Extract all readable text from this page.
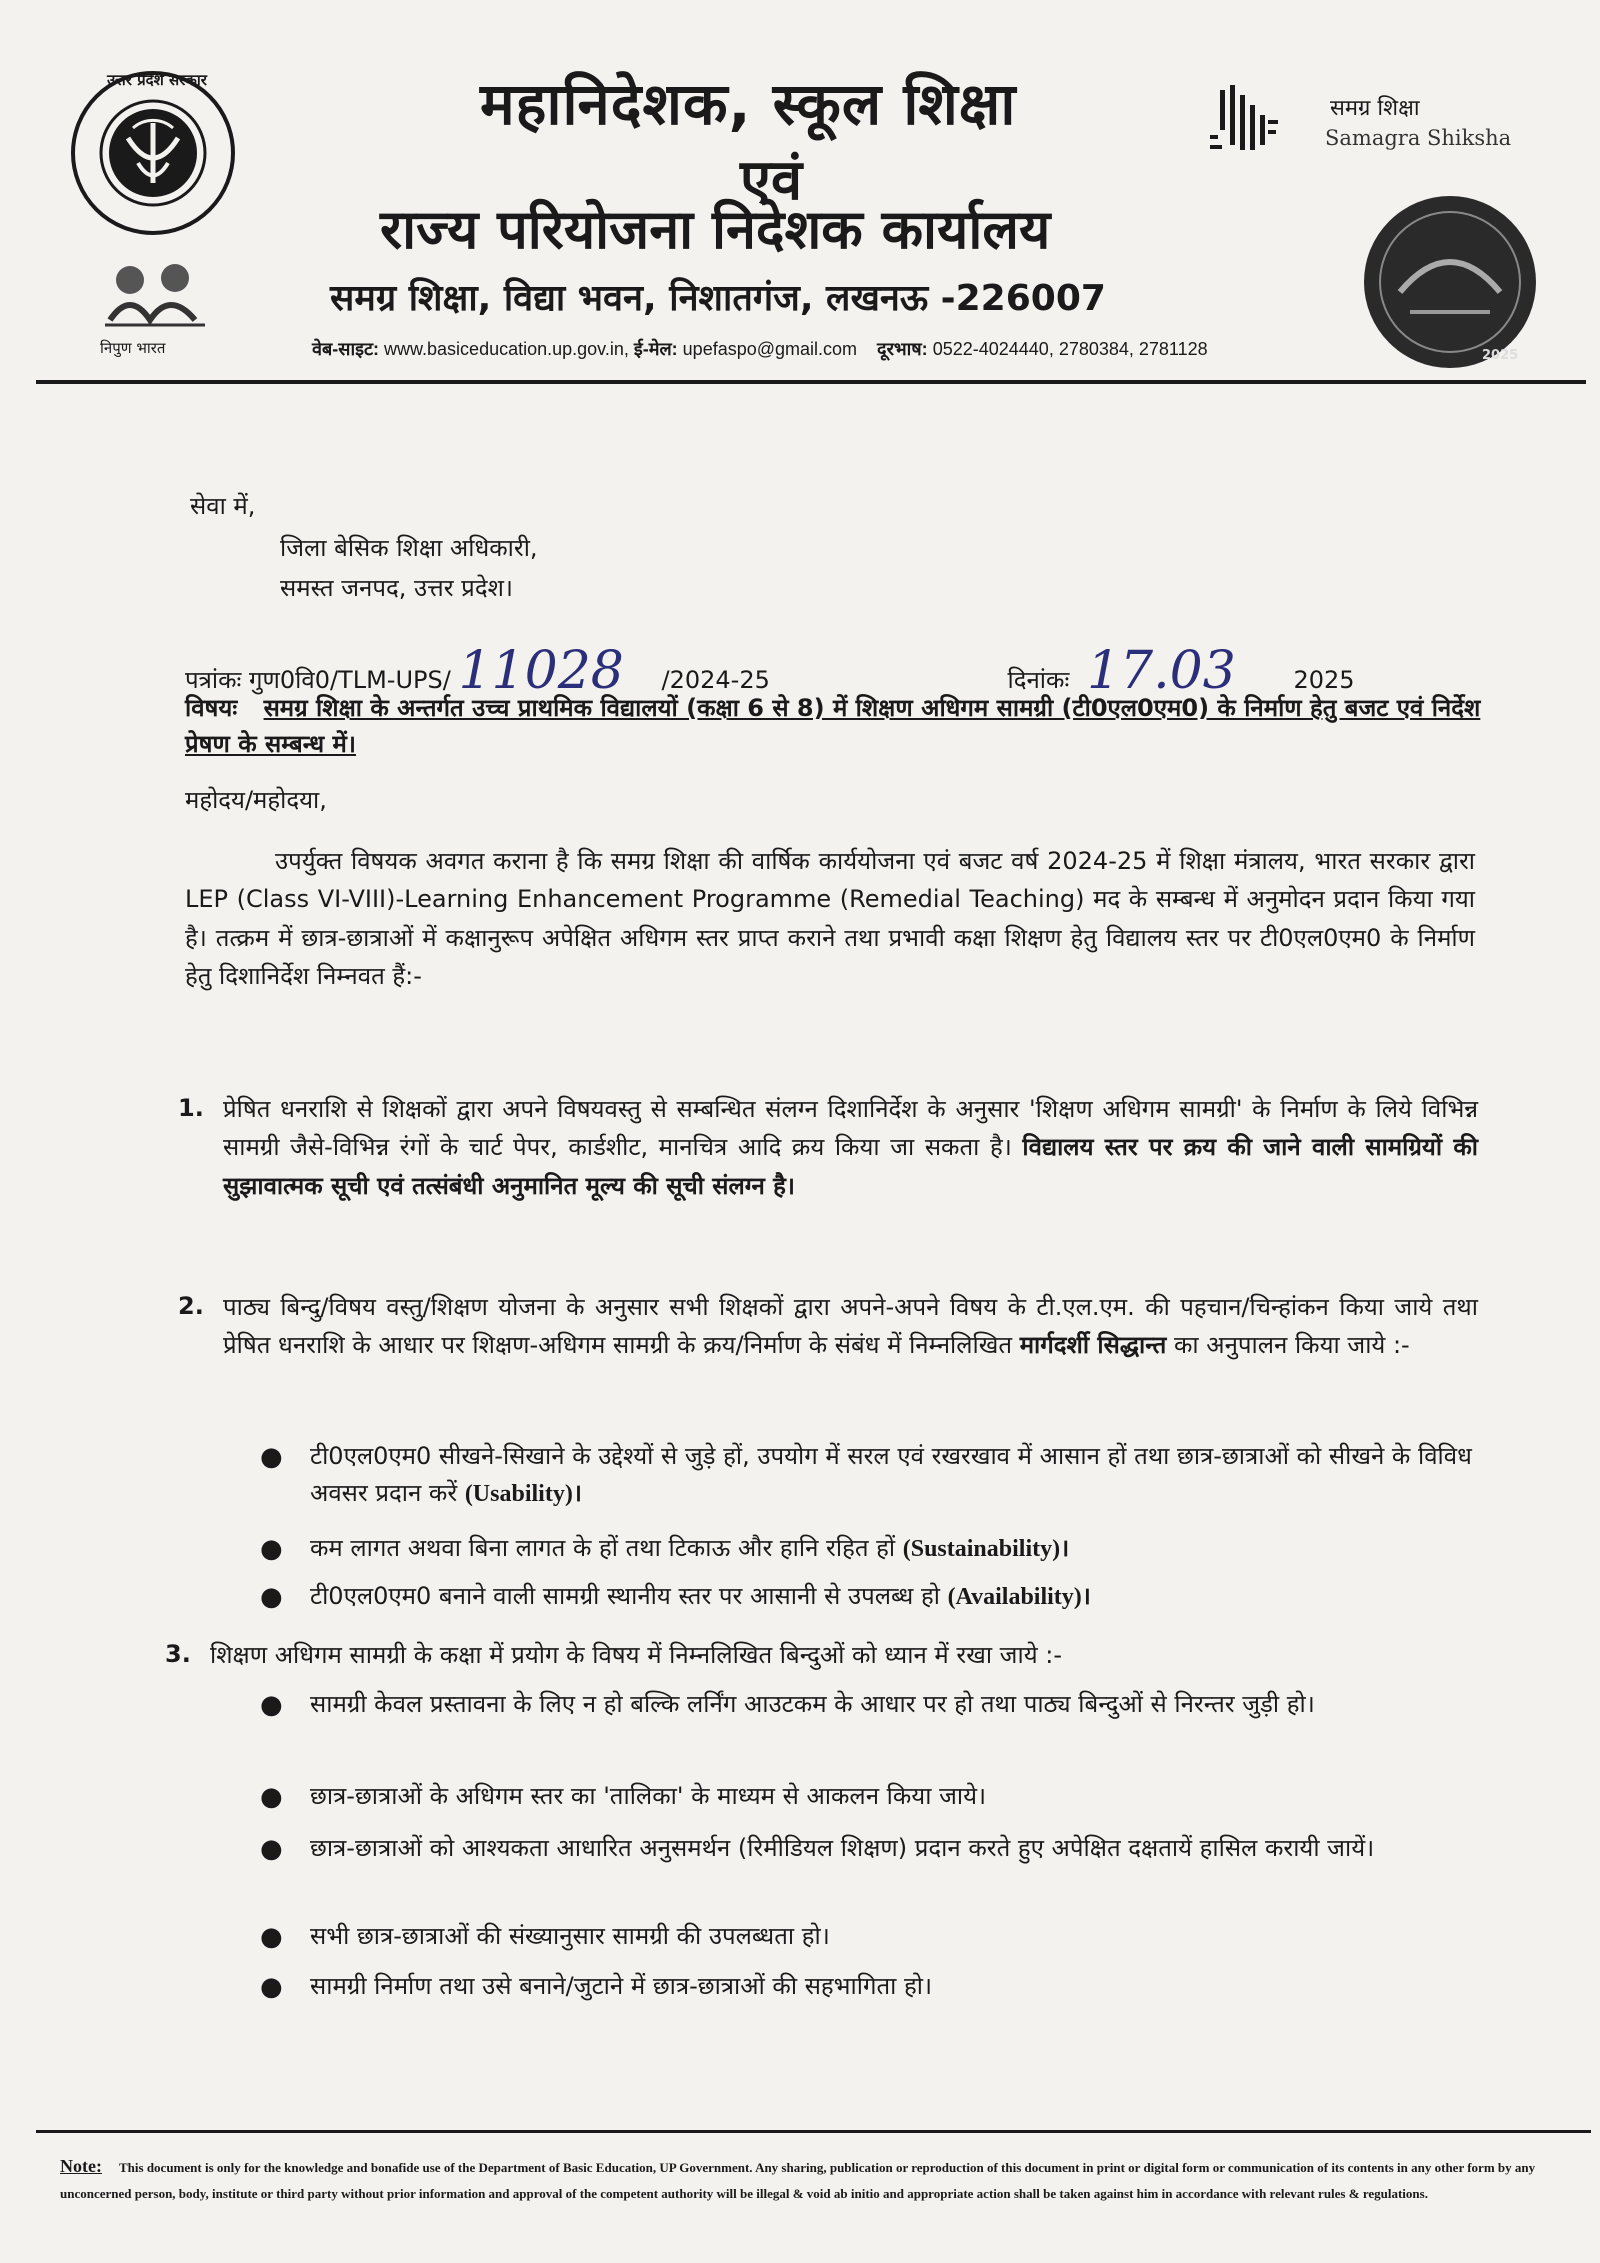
उत्तर प्रदेश सरकार
निपुण भारत
समग्र शिक्षा
Samagra Shiksha
2025
महानिदेशक, स्कूल शिक्षा
एवं
राज्य परियोजना निदेशक कार्यालय
समग्र शिक्षा, विद्या भवन, निशातगंज, लखनऊ -226007
वेब-साइट: www.basiceducation.up.gov.in, ई-मेल: upefaspo@gmail.com दूरभाष: 0522-4024440, 2780384, 2781128
सेवा में,
जिला बेसिक शिक्षा अधिकारी,
समस्त जनपद, उत्तर प्रदेश।
पत्रांकः गुण0वि0/TLM-UPS/ 11028 /2024-25	दिनांकः 17.03 2025
विषयः समग्र शिक्षा के अन्तर्गत उच्च प्राथमिक विद्यालयों (कक्षा 6 से 8) में शिक्षण अधिगम सामग्री (टी0एल0एम0) के निर्माण हेतु बजट एवं निर्देश प्रेषण के सम्बन्ध में।
महोदय/महोदया,
उपर्युक्त विषयक अवगत कराना है कि समग्र शिक्षा की वार्षिक कार्ययोजना एवं बजट वर्ष 2024-25 में शिक्षा मंत्रालय, भारत सरकार द्वारा LEP (Class VI-VIII)-Learning Enhancement Programme (Remedial Teaching) मद के सम्बन्ध में अनुमोदन प्रदान किया गया है। तत्क्रम में छात्र-छात्राओं में कक्षानुरूप अपेक्षित अधिगम स्तर प्राप्त कराने तथा प्रभावी कक्षा शिक्षण हेतु विद्यालय स्तर पर टी0एल0एम0 के निर्माण हेतु दिशानिर्देश निम्नवत हैं:-
1. प्रेषित धनराशि से शिक्षकों द्वारा अपने विषयवस्तु से सम्बन्धित संलग्न दिशानिर्देश के अनुसार 'शिक्षण अधिगम सामग्री' के निर्माण के लिये विभिन्न सामग्री जैसे-विभिन्न रंगों के चार्ट पेपर, कार्डशीट, मानचित्र आदि क्रय किया जा सकता है। विद्यालय स्तर पर क्रय की जाने वाली सामग्रियों की सुझावात्मक सूची एवं तत्संबंधी अनुमानित मूल्य की सूची संलग्न है।
2. पाठ्य बिन्दु/विषय वस्तु/शिक्षण योजना के अनुसार सभी शिक्षकों द्वारा अपने-अपने विषय के टी.एल.एम. की पहचान/चिन्हांकन किया जाये तथा प्रेषित धनराशि के आधार पर शिक्षण-अधिगम सामग्री के क्रय/निर्माण के संबंध में निम्नलिखित मार्गदर्शी सिद्धान्त का अनुपालन किया जाये :-
● टी0एल0एम0 सीखने-सिखाने के उद्देश्यों से जुड़े हों, उपयोग में सरल एवं रखरखाव में आसान हों तथा छात्र-छात्राओं को सीखने के विविध अवसर प्रदान करें (Usability)।
● कम लागत अथवा बिना लागत के हों तथा टिकाऊ और हानि रहित हों (Sustainability)।
● टी0एल0एम0 बनाने वाली सामग्री स्थानीय स्तर पर आसानी से उपलब्ध हो (Availability)।
3. शिक्षण अधिगम सामग्री के कक्षा में प्रयोग के विषय में निम्नलिखित बिन्दुओं को ध्यान में रखा जाये :-
● सामग्री केवल प्रस्तावना के लिए न हो बल्कि लर्निंग आउटकम के आधार पर हो तथा पाठ्य बिन्दुओं से निरन्तर जुड़ी हो।
● छात्र-छात्राओं के अधिगम स्तर का 'तालिका' के माध्यम से आकलन किया जाये।
● छात्र-छात्राओं को आश्यकता आधारित अनुसमर्थन (रिमीडियल शिक्षण) प्रदान करते हुए अपेक्षित दक्षतायें हासिल करायी जायें।
● सभी छात्र-छात्राओं की संख्यानुसार सामग्री की उपलब्धता हो।
● सामग्री निर्माण तथा उसे बनाने/जुटाने में छात्र-छात्राओं की सहभागिता हो।
Note: This document is only for the knowledge and bonafide use of the Department of Basic Education, UP Government. Any sharing, publication or reproduction of this document in print or digital form or communication of its contents in any other form by any unconcerned person, body, institute or third party without prior information and approval of the competent authority will be illegal & void ab initio and appropriate action shall be taken against him in accordance with relevant rules & regulations.
